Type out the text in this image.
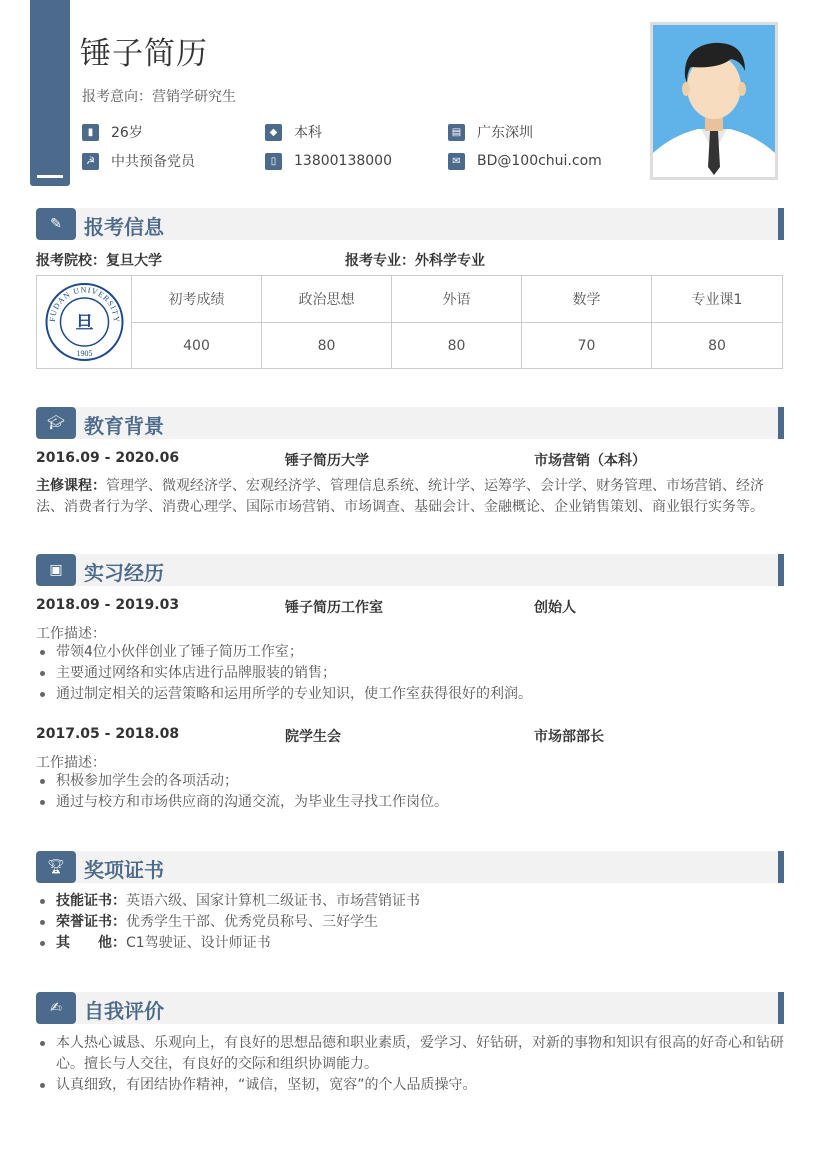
锤子简历
报考意向：营销学研究生
▮	26岁	◆	本科	▤ 广东深圳
☭ 中共预备党员	▯	13800138000	✉	BD@100chui.com
✎	报考信息
报考院校：复旦大学	报考专业：外科学专业
FUDAN UNIVERSITY
旦
1905
初考成绩	政治思想	外语	数学	专业课1
400	80	80	70	80
🎓︎ 教育背景
2016.09 - 2020.06	锤子简历大学	市场营销（本科）
主修课程：管理学、微观经济学、宏观经济学、管理信息系统、统计学、运筹学、会计学、财务管理、市场营销、经济法、消费者行为学、消费心理学、国际市场营销、市场调查、基础会计、金融概论、企业销售策划、商业银行实务等。
▣	实习经历
2018.09 - 2019.03	锤子简历工作室	创始人
工作描述：
带领4位小伙伴创业了锤子简历工作室；
主要通过网络和实体店进行品牌服装的销售；
通过制定相关的运营策略和运用所学的专业知识，使工作室获得很好的利润。
2017.05 - 2018.08	院学生会	市场部部长
工作描述：
积极参加学生会的各项活动；
通过与校方和市场供应商的沟通交流，为毕业生寻找工作岗位。
🏆︎ 奖项证书
技能证书：英语六级、国家计算机二级证书、市场营销证书
荣誉证书：优秀学生干部、优秀党员称号、三好学生
其　　他：C1驾驶证、设计师证书
✍	自我评价
本人热心诚恳、乐观向上，有良好的思想品德和职业素质，爱学习、好钻研，对新的事物和知识有很高的好奇心和钻研心。擅长与人交往，有良好的交际和组织协调能力。
认真细致，有团结协作精神，“诚信，坚韧，宽容”的个人品质操守。
